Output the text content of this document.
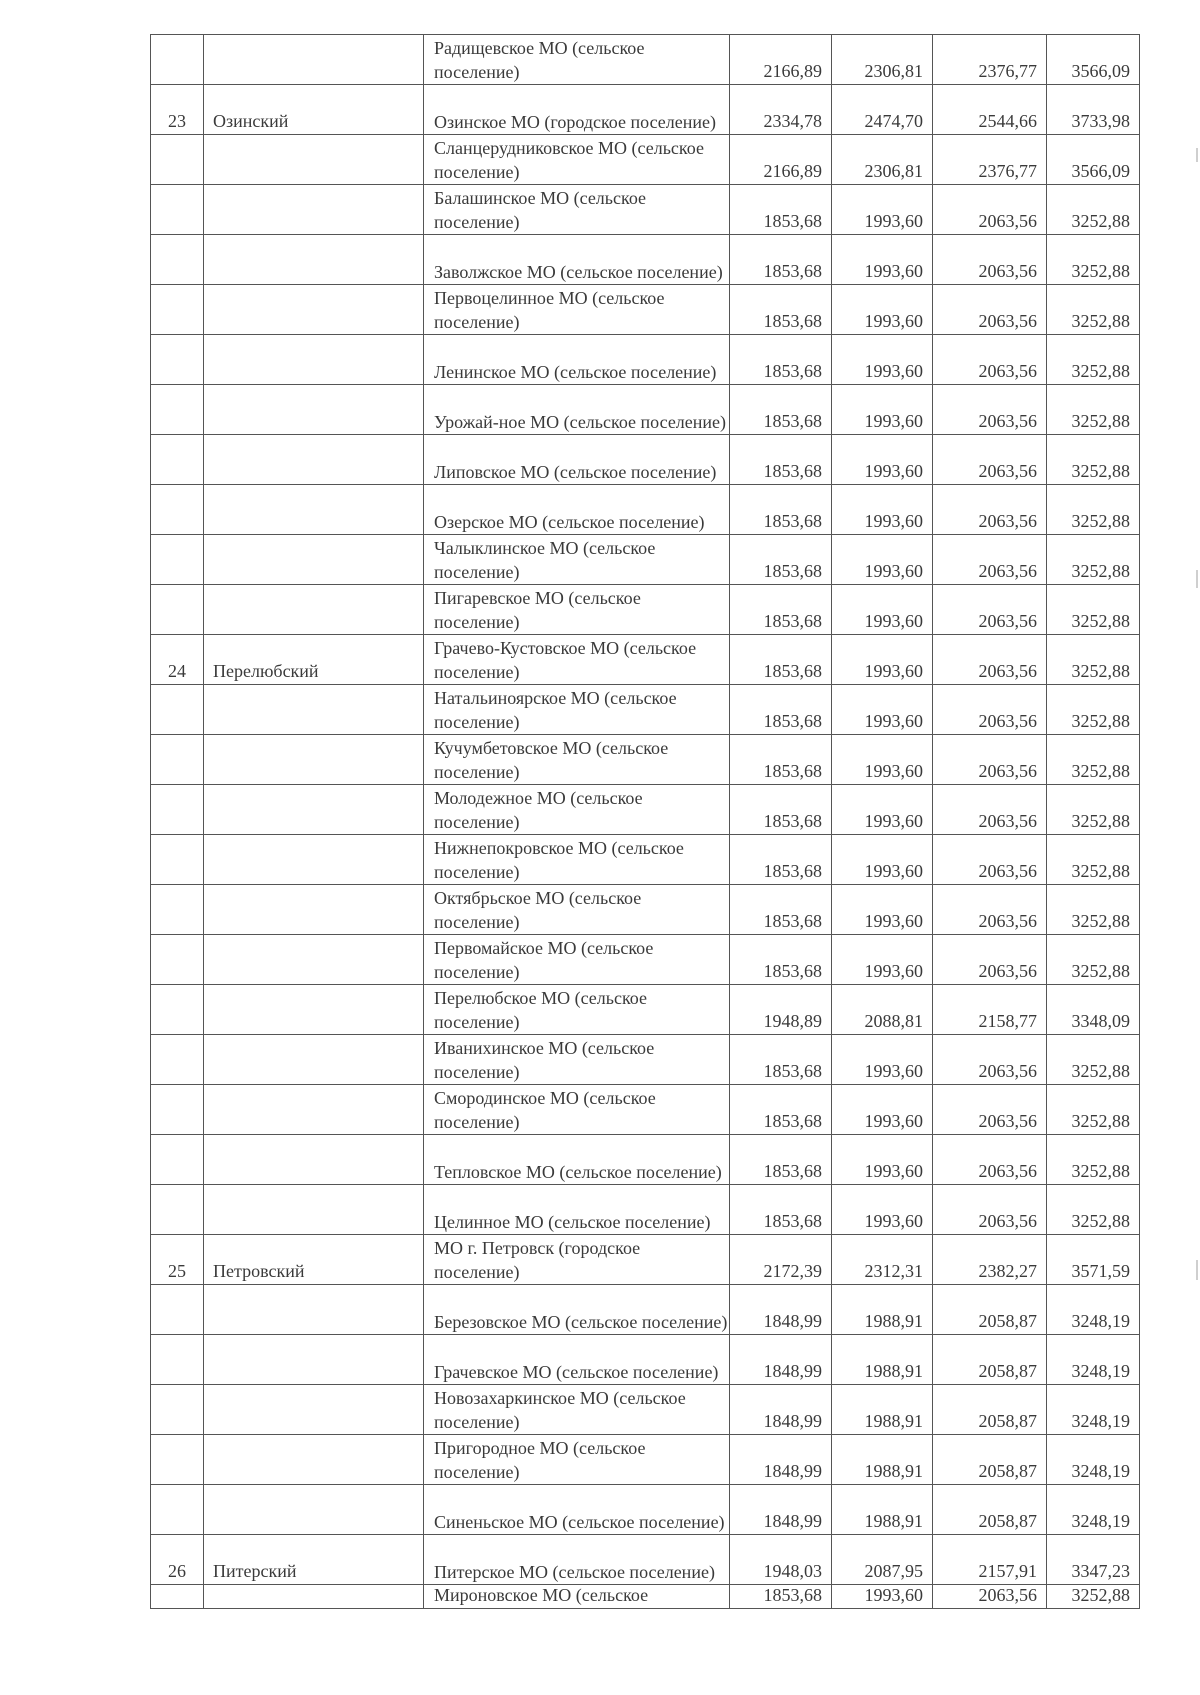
		Радищевское МО (сельское поселение)	2166,89	2306,81	2376,77	3566,09
23	Озинский	Озинское МО (городское поселение)	2334,78	2474,70	2544,66	3733,98
		Сланцерудниковское МО (сельское поселение)	2166,89	2306,81	2376,77	3566,09
		Балашинское МО (сельское поселение)	1853,68	1993,60	2063,56	3252,88
		Заволжское МО (сельское поселение)	1853,68	1993,60	2063,56	3252,88
		Первоцелинное МО (сельское поселение)	1853,68	1993,60	2063,56	3252,88
		Ленинское МО (сельское поселение)	1853,68	1993,60	2063,56	3252,88
		Урожай-ное МО (сельское поселение)	1853,68	1993,60	2063,56	3252,88
		Липовское МО (сельское поселение)	1853,68	1993,60	2063,56	3252,88
		Озерское МО (сельское поселение)	1853,68	1993,60	2063,56	3252,88
		Чалыклинское МО (сельское поселение)	1853,68	1993,60	2063,56	3252,88
		Пигаревское МО (сельское поселение)	1853,68	1993,60	2063,56	3252,88
24	Перелюбский	Грачево-Кустовское МО (сельское поселение)	1853,68	1993,60	2063,56	3252,88
		Натальиноярское МО (сельское поселение)	1853,68	1993,60	2063,56	3252,88
		Кучумбетовское МО (сельское поселение)	1853,68	1993,60	2063,56	3252,88
		Молодежное МО (сельское поселение)	1853,68	1993,60	2063,56	3252,88
		Нижнепокровское МО (сельское поселение)	1853,68	1993,60	2063,56	3252,88
		Октябрьское МО (сельское поселение)	1853,68	1993,60	2063,56	3252,88
		Первомайское МО (сельское поселение)	1853,68	1993,60	2063,56	3252,88
		Перелюбское МО (сельское поселение)	1948,89	2088,81	2158,77	3348,09
		Иванихинское МО (сельское поселение)	1853,68	1993,60	2063,56	3252,88
		Смородинское МО (сельское поселение)	1853,68	1993,60	2063,56	3252,88
		Тепловское МО (сельское поселение)	1853,68	1993,60	2063,56	3252,88
		Целинное МО (сельское поселение)	1853,68	1993,60	2063,56	3252,88
25	Петровский	МО г. Петровск (городское поселение)	2172,39	2312,31	2382,27	3571,59
		Березовское МО (сельское поселение)	1848,99	1988,91	2058,87	3248,19
		Грачевское МО (сельское поселение)	1848,99	1988,91	2058,87	3248,19
		Новозахаркинское МО (сельское поселение)	1848,99	1988,91	2058,87	3248,19
		Пригородное МО (сельское поселение)	1848,99	1988,91	2058,87	3248,19
		Синеньское МО (сельское поселение)	1848,99	1988,91	2058,87	3248,19
26	Питерский	Питерское МО (сельское поселение)	1948,03	2087,95	2157,91	3347,23
		Мироновское МО (сельское	1853,68	1993,60	2063,56	3252,88
